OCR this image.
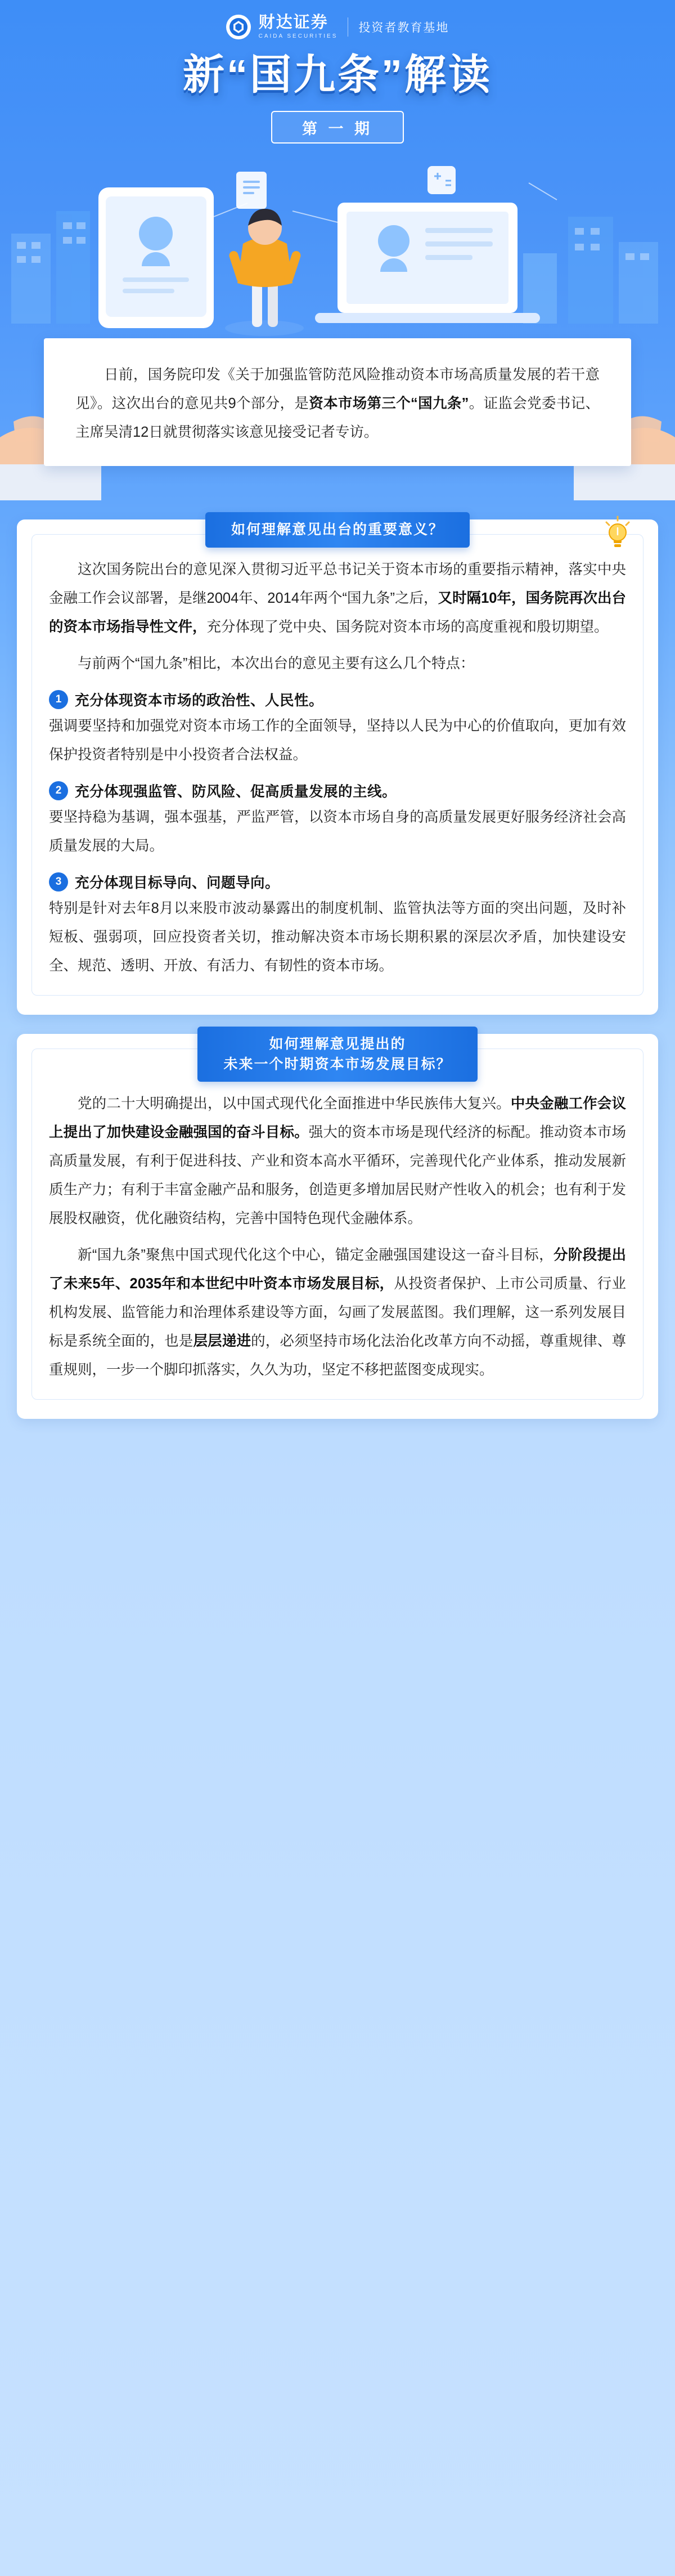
财达证券
CAIDA SECURITIES
投资者教育基地
新“国九条”解读
第 一 期

日前，国务院印发《关于加强监管防范风险推动资本市场高质量发展的若干意见》。这次出台的意见共9个部分，是资本市场第三个“国九条”。证监会党委书记、主席吴清12日就贯彻落实该意见接受记者专访。

如何理解意见出台的重要意义？

这次国务院出台的意见深入贯彻习近平总书记关于资本市场的重要指示精神，落实中央金融工作会议部署，是继2004年、2014年两个“国九条”之后，又时隔10年，国务院再次出台的资本市场指导性文件，充分体现了党中央、国务院对资本市场的高度重视和殷切期望。

与前两个“国九条”相比，本次出台的意见主要有这么几个特点：

1 充分体现资本市场的政治性、人民性。

强调要坚持和加强党对资本市场工作的全面领导，坚持以人民为中心的价值取向，更加有效保护投资者特别是中小投资者合法权益。

2 充分体现强监管、防风险、促高质量发展的主线。

要坚持稳为基调，强本强基，严监严管，以资本市场自身的高质量发展更好服务经济社会高质量发展的大局。

3 充分体现目标导向、问题导向。

特别是针对去年8月以来股市波动暴露出的制度机制、监管执法等方面的突出问题，及时补短板、强弱项，回应投资者关切，推动解决资本市场长期积累的深层次矛盾，加快建设安全、规范、透明、开放、有活力、有韧性的资本市场。

如何理解意见提出的
未来一个时期资本市场发展目标？

党的二十大明确提出，以中国式现代化全面推进中华民族伟大复兴。中央金融工作会议上提出了加快建设金融强国的奋斗目标。强大的资本市场是现代经济的标配。推动资本市场高质量发展，有利于促进科技、产业和资本高水平循环，完善现代化产业体系，推动发展新质生产力；有利于丰富金融产品和服务，创造更多增加居民财产性收入的机会；也有利于发展股权融资，优化融资结构，完善中国特色现代金融体系。

新“国九条”聚焦中国式现代化这个中心，锚定金融强国建设这一奋斗目标，分阶段提出了未来5年、2035年和本世纪中叶资本市场发展目标，从投资者保护、上市公司质量、行业机构发展、监管能力和治理体系建设等方面，勾画了发展蓝图。我们理解，这一系列发展目标是系统全面的，也是层层递进的，必须坚持市场化法治化改革方向不动摇，尊重规律、尊重规则，一步一个脚印抓落实，久久为功，坚定不移把蓝图变成现实。
